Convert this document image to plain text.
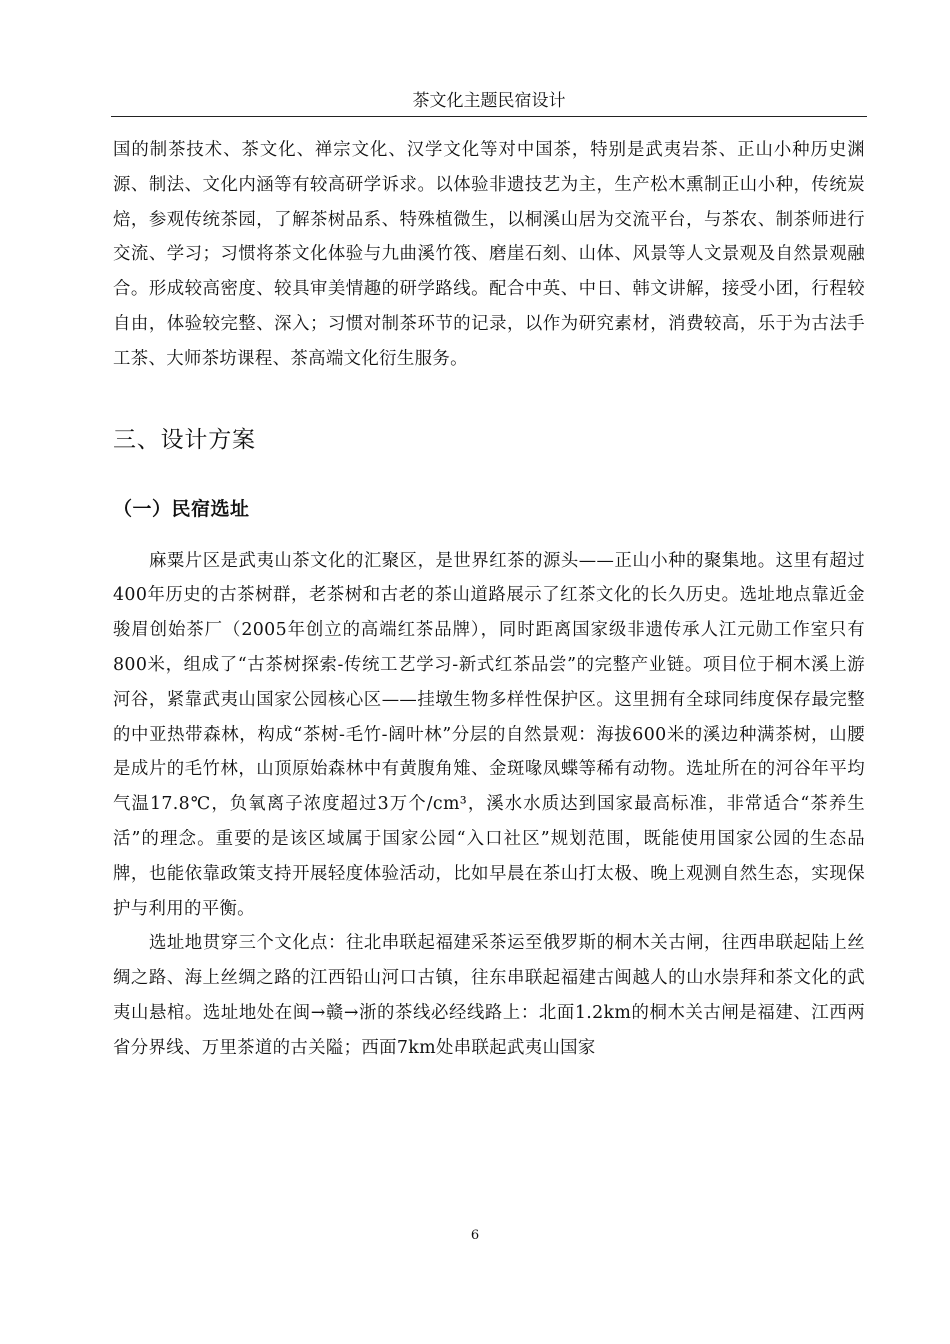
茶文化主题民宿设计

国的制茶技术、茶文化、禅宗文化、汉学文化等对中国茶，特别是武夷岩茶、正山小种历史渊源、制法、文化内涵等有较高研学诉求。以体验非遗技艺为主，生产松木熏制正山小种，传统炭焙，参观传统茶园，了解茶树品系、特殊植微生，以桐溪山居为交流平台，与茶农、制茶师进行交流、学习；习惯将茶文化体验与九曲溪竹筏、磨崖石刻、山体、风景等人文景观及自然景观融合。形成较高密度、较具审美情趣的研学路线。配合中英、中日、韩文讲解，接受小团，行程较自由，体验较完整、深入；习惯对制茶环节的记录，以作为研究素材，消费较高，乐于为古法手工茶、大师茶坊课程、茶高端文化衍生服务。

三、设计方案
（一）民宿选址

麻粟片区是武夷山茶文化的汇聚区，是世界红茶的源头——正山小种的聚集地。这里有超过400年历史的古茶树群，老茶树和古老的茶山道路展示了红茶文化的长久历史。选址地点靠近金骏眉创始茶厂（2005年创立的高端红茶品牌），同时距离国家级非遗传承人江元勋工作室只有800米，组成了“古茶树探索-传统工艺学习-新式红茶品尝”的完整产业链。项目位于桐木溪上游河谷，紧靠武夷山国家公园核心区——挂墩生物多样性保护区。这里拥有全球同纬度保存最完整的中亚热带森林，构成“茶树-毛竹-阔叶林”分层的自然景观：海拔600米的溪边种满茶树，山腰是成片的毛竹林，山顶原始森林中有黄腹角雉、金斑喙凤蝶等稀有动物。选址所在的河谷年平均气温17.8℃，负氧离子浓度超过3万个/cm³，溪水水质达到国家最高标准，非常适合“茶养生活”的理念。重要的是该区域属于国家公园“入口社区”规划范围，既能使用国家公园的生态品牌，也能依靠政策支持开展轻度体验活动，比如早晨在茶山打太极、晚上观测自然生态，实现保护与利用的平衡。

选址地贯穿三个文化点：往北串联起福建采茶运至俄罗斯的桐木关古闸，往西串联起陆上丝绸之路、海上丝绸之路的江西铅山河口古镇，往东串联起福建古闽越人的山水崇拜和茶文化的武夷山悬棺。选址地处在闽→赣→浙的茶线必经线路上：北面1.2km的桐木关古闸是福建、江西两省分界线、万里茶道的古关隘；西面7km处串联起武夷山国家

6
